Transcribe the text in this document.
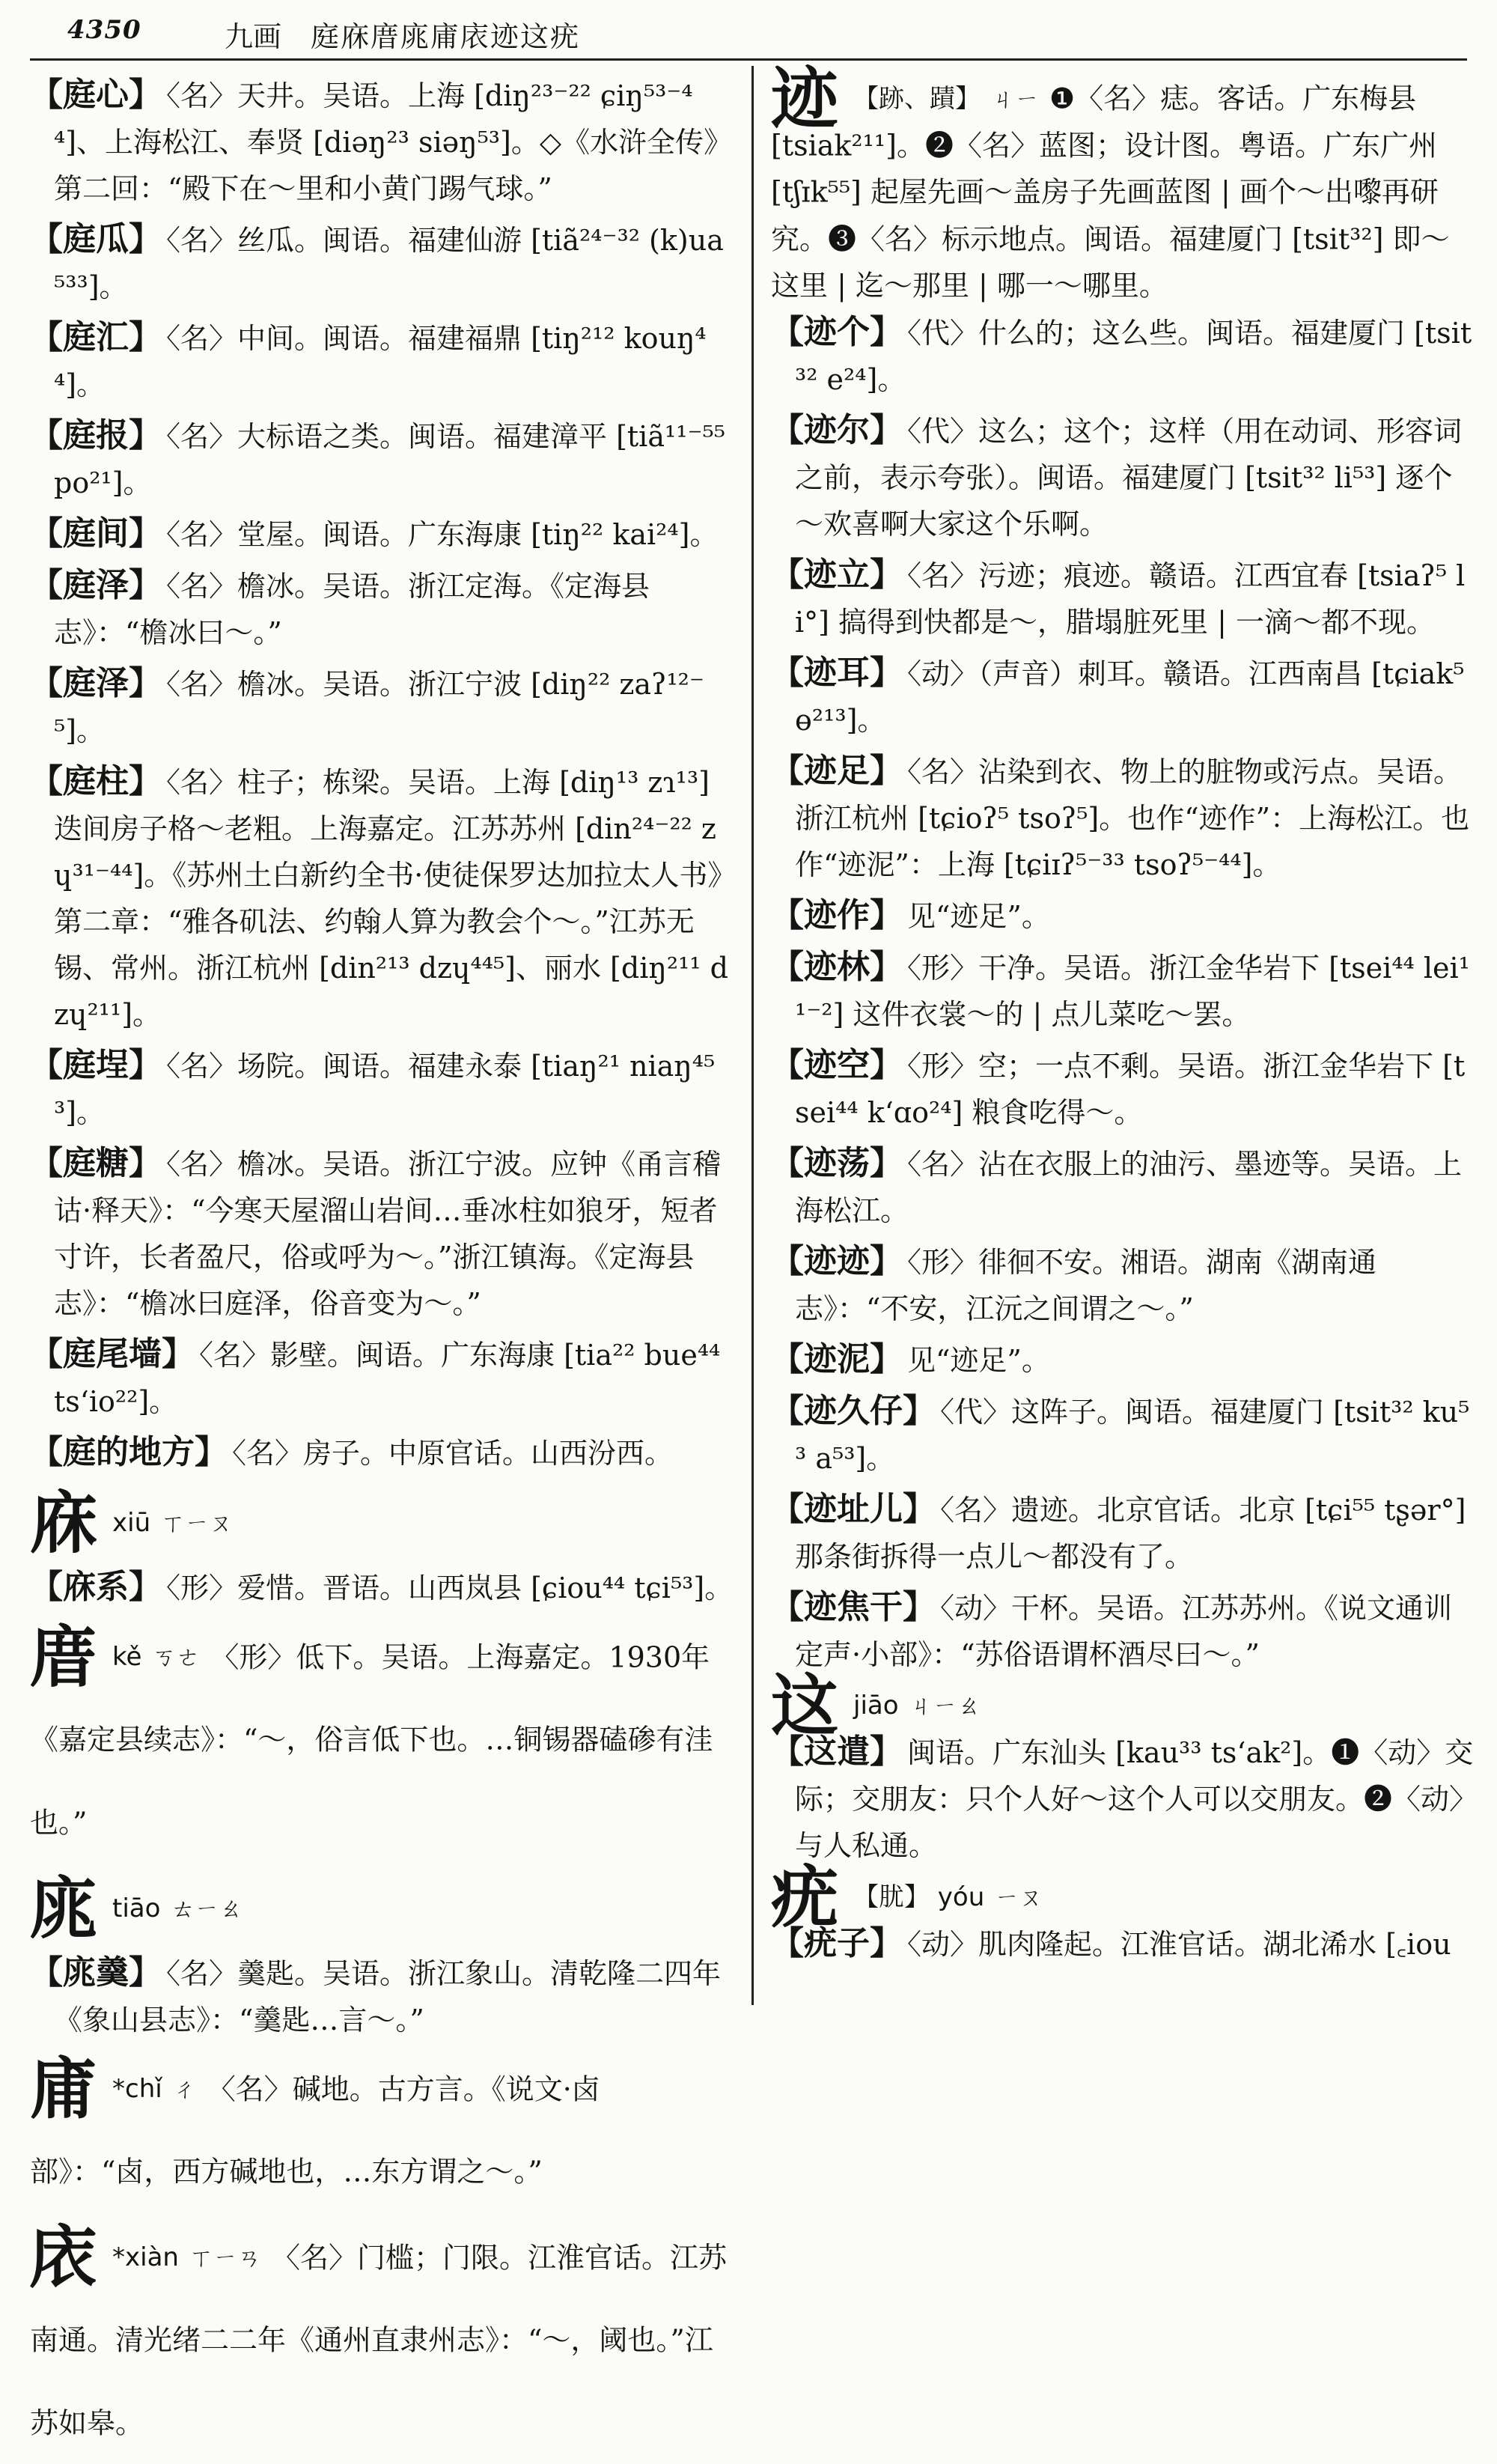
4350	九画 庭庥庴庣庯庡迹这疣

【庭心】 〈名〉天井。吴语。上海 [diŋ²³⁻²² ɕiŋ⁵³⁻⁴⁴]、上海松江、奉贤 [diəŋ²³ siəŋ⁵³]。◇《水浒全传》第二回：“殿下在～里和小黄门踢气球。”

【庭瓜】 〈名〉丝瓜。闽语。福建仙游 [tiã²⁴⁻³² (k)ua⁵³³]。

【庭汇】 〈名〉中间。闽语。福建福鼎 [tiŋ²¹² kouŋ⁴⁴]。

【庭报】 〈名〉大标语之类。闽语。福建漳平 [tiã¹¹⁻⁵⁵ po²¹]。

【庭间】 〈名〉堂屋。闽语。广东海康 [tiŋ²² kai²⁴]。

【庭泽】 〈名〉檐冰。吴语。浙江定海。《定海县志》：“檐冰曰～。”

【庭泽】 〈名〉檐冰。吴语。浙江宁波 [diŋ²² zaʔ¹²⁻⁵]。

【庭柱】 〈名〉柱子；栋梁。吴语。上海 [diŋ¹³ zɿ¹³] 迭间房子格～老粗。上海嘉定。江苏苏州 [din²⁴⁻²² zɥ³¹⁻⁴⁴]。《苏州土白新约全书·使徒保罗达加拉太人书》第二章：“雅各矶法、约翰人算为教会个～。”江苏无锡、常州。浙江杭州 [din²¹³ dzɥ⁴⁴⁵]、丽水 [diŋ²¹¹ dzɥ²¹¹]。

【庭埕】 〈名〉场院。闽语。福建永泰 [tiaŋ²¹ niaŋ⁴⁵³]。

【庭糖】 〈名〉檐冰。吴语。浙江宁波。应钟《甬言稽诂·释天》：“今寒天屋溜山岩间…垂冰柱如狼牙，短者寸许，长者盈尺，俗或呼为～。”浙江镇海。《定海县志》：“檐冰曰庭泽，俗音变为～。”

【庭尾墙】 〈名〉影壁。闽语。广东海康 [tia²² bue⁴⁴ tsʻio²²]。

【庭的地方】 〈名〉房子。中原官话。山西汾西。

庥xiū ㄒㄧㄡ

【庥系】 〈形〉爱惜。晋语。山西岚县 [ɕiou⁴⁴ tɕi⁵³]。

庴kě ㄎㄜ 〈形〉低下。吴语。上海嘉定。1930年《嘉定县续志》：“～，俗言低下也。…铜锡器磕碜有洼也。”
庣tiāo ㄊㄧㄠ

【庣羹】 〈名〉羹匙。吴语。浙江象山。清乾隆二四年《象山县志》：“羹匙…言～。”

庯 *chǐ ㄔ 〈名〉碱地。古方言。《说文·卤部》：“卤，西方碱地也，…东方谓之～。”
庡 *xiàn ㄒㄧㄢ 〈名〉门槛；门限。江淮官话。江苏南通。清光绪二二年《通州直隶州志》：“～，阈也。”江苏如皋。
迹 【跡、蹟】 ㄐㄧ ❶〈名〉痣。客话。广东梅县 [tsiak²¹¹]。❷〈名〉蓝图；设计图。粤语。广东广州 [tʃɪk⁵⁵] 起屋先画～盖房子先画蓝图 | 画个～出嚟再研究。❸〈名〉标示地点。闽语。福建厦门 [tsit³²] 即～这里 | 迄～那里 | 哪一～哪里。

【迹个】 〈代〉什么的；这么些。闽语。福建厦门 [tsit³² e²⁴]。

【迹尔】 〈代〉这么；这个；这样（用在动词、形容词之前，表示夸张）。闽语。福建厦门 [tsit³² li⁵³] 逐个～欢喜啊大家这个乐啊。

【迹立】 〈名〉污迹；痕迹。赣语。江西宜春 [tsiaʔ⁵ li°] 搞得到快都是～，腊塌脏死里 | 一滴～都不现。

【迹耳】 〈动〉（声音）刺耳。赣语。江西南昌 [tɕiak⁵ ɵ²¹³]。

【迹足】 〈名〉沾染到衣、物上的脏物或污点。吴语。浙江杭州 [tɕioʔ⁵ tsoʔ⁵]。也作“迹作”：上海松江。也作“迹泥”：上海 [tɕiɪʔ⁵⁻³³ tsoʔ⁵⁻⁴⁴]。

【迹作】 见“迹足”。

【迹林】 〈形〉干净。吴语。浙江金华岩下 [tsei⁴⁴ lei¹¹⁻²] 这件衣裳～的 | 点儿菜吃～罢。

【迹空】 〈形〉空；一点不剩。吴语。浙江金华岩下 [tsei⁴⁴ kʻɑo²⁴] 粮食吃得～。

【迹荡】 〈名〉沾在衣服上的油污、墨迹等。吴语。上海松江。

【迹迹】 〈形〉徘徊不安。湘语。湖南《湖南通志》：“不安，江沅之间谓之～。”

【迹泥】 见“迹足”。

【迹久仔】 〈代〉这阵子。闽语。福建厦门 [tsit³² ku⁵³ a⁵³]。

【迹址儿】 〈名〉遗迹。北京官话。北京 [tɕi⁵⁵ tʂər°] 那条街拆得一点儿～都没有了。

【迹焦干】 〈动〉干杯。吴语。江苏苏州。《说文通训定声·小部》：“苏俗语谓杯酒尽曰～。”

这jiāo ㄐㄧㄠ

【这遣】 闽语。广东汕头 [kau³³ tsʻak²]。❶〈动〉交际；交朋友：只个人好～这个人可以交朋友。❷〈动〉与人私通。

疣 【肬】 yóu ㄧㄡ

【疣子】 〈动〉肌肉隆起。江淮官话。湖北浠水 [꜀iou
